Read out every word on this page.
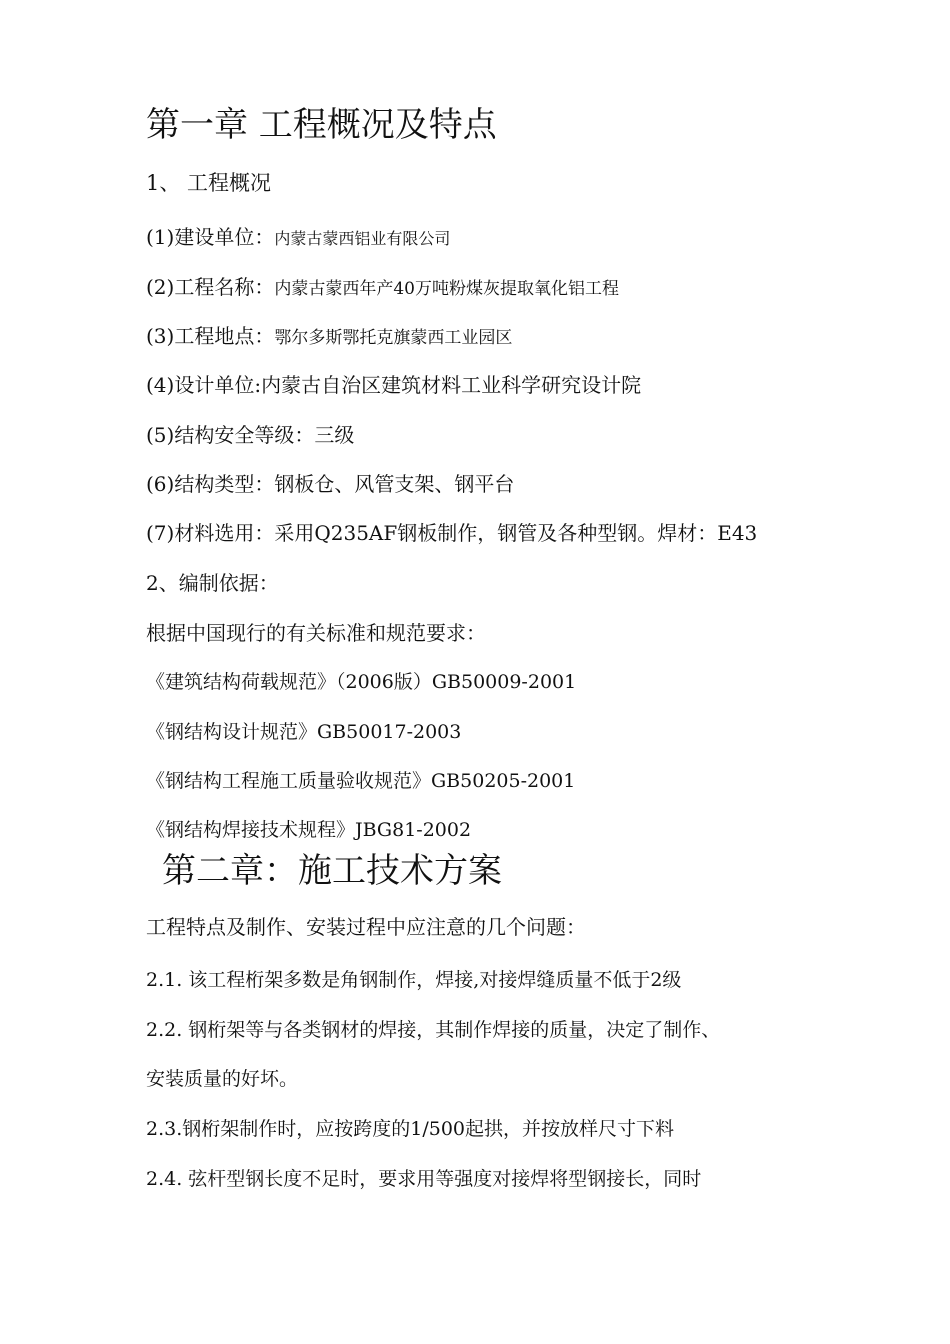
第一章 工程概况及特点
1、 工程概况
(1)建设单位：内蒙古蒙西铝业有限公司
(2)工程名称：内蒙古蒙西年产40万吨粉煤灰提取氧化铝工程
(3)工程地点：鄂尔多斯鄂托克旗蒙西工业园区
(4)设计单位:内蒙古自治区建筑材料工业科学研究设计院
(5)结构安全等级：三级
(6)结构类型：钢板仓、风管支架、钢平台
(7)材料选用：采用Q235AF钢板制作，钢管及各种型钢。焊材：E43
2、编制依据：
根据中国现行的有关标准和规范要求：
《建筑结构荷载规范》（2006版）GB50009-2001
《钢结构设计规范》GB50017-2003
《钢结构工程施工质量验收规范》GB50205-2001
《钢结构焊接技术规程》JBG81-2002
第二章：施工技术方案
工程特点及制作、安装过程中应注意的几个问题：
2.1. 该工程桁架多数是角钢制作，焊接,对接焊缝质量不低于2级
2.2. 钢桁架等与各类钢材的焊接，其制作焊接的质量，决定了制作、
安装质量的好坏。
2.3.钢桁架制作时，应按跨度的1/500起拱，并按放样尺寸下料
2.4. 弦杆型钢长度不足时，要求用等强度对接焊将型钢接长，同时
